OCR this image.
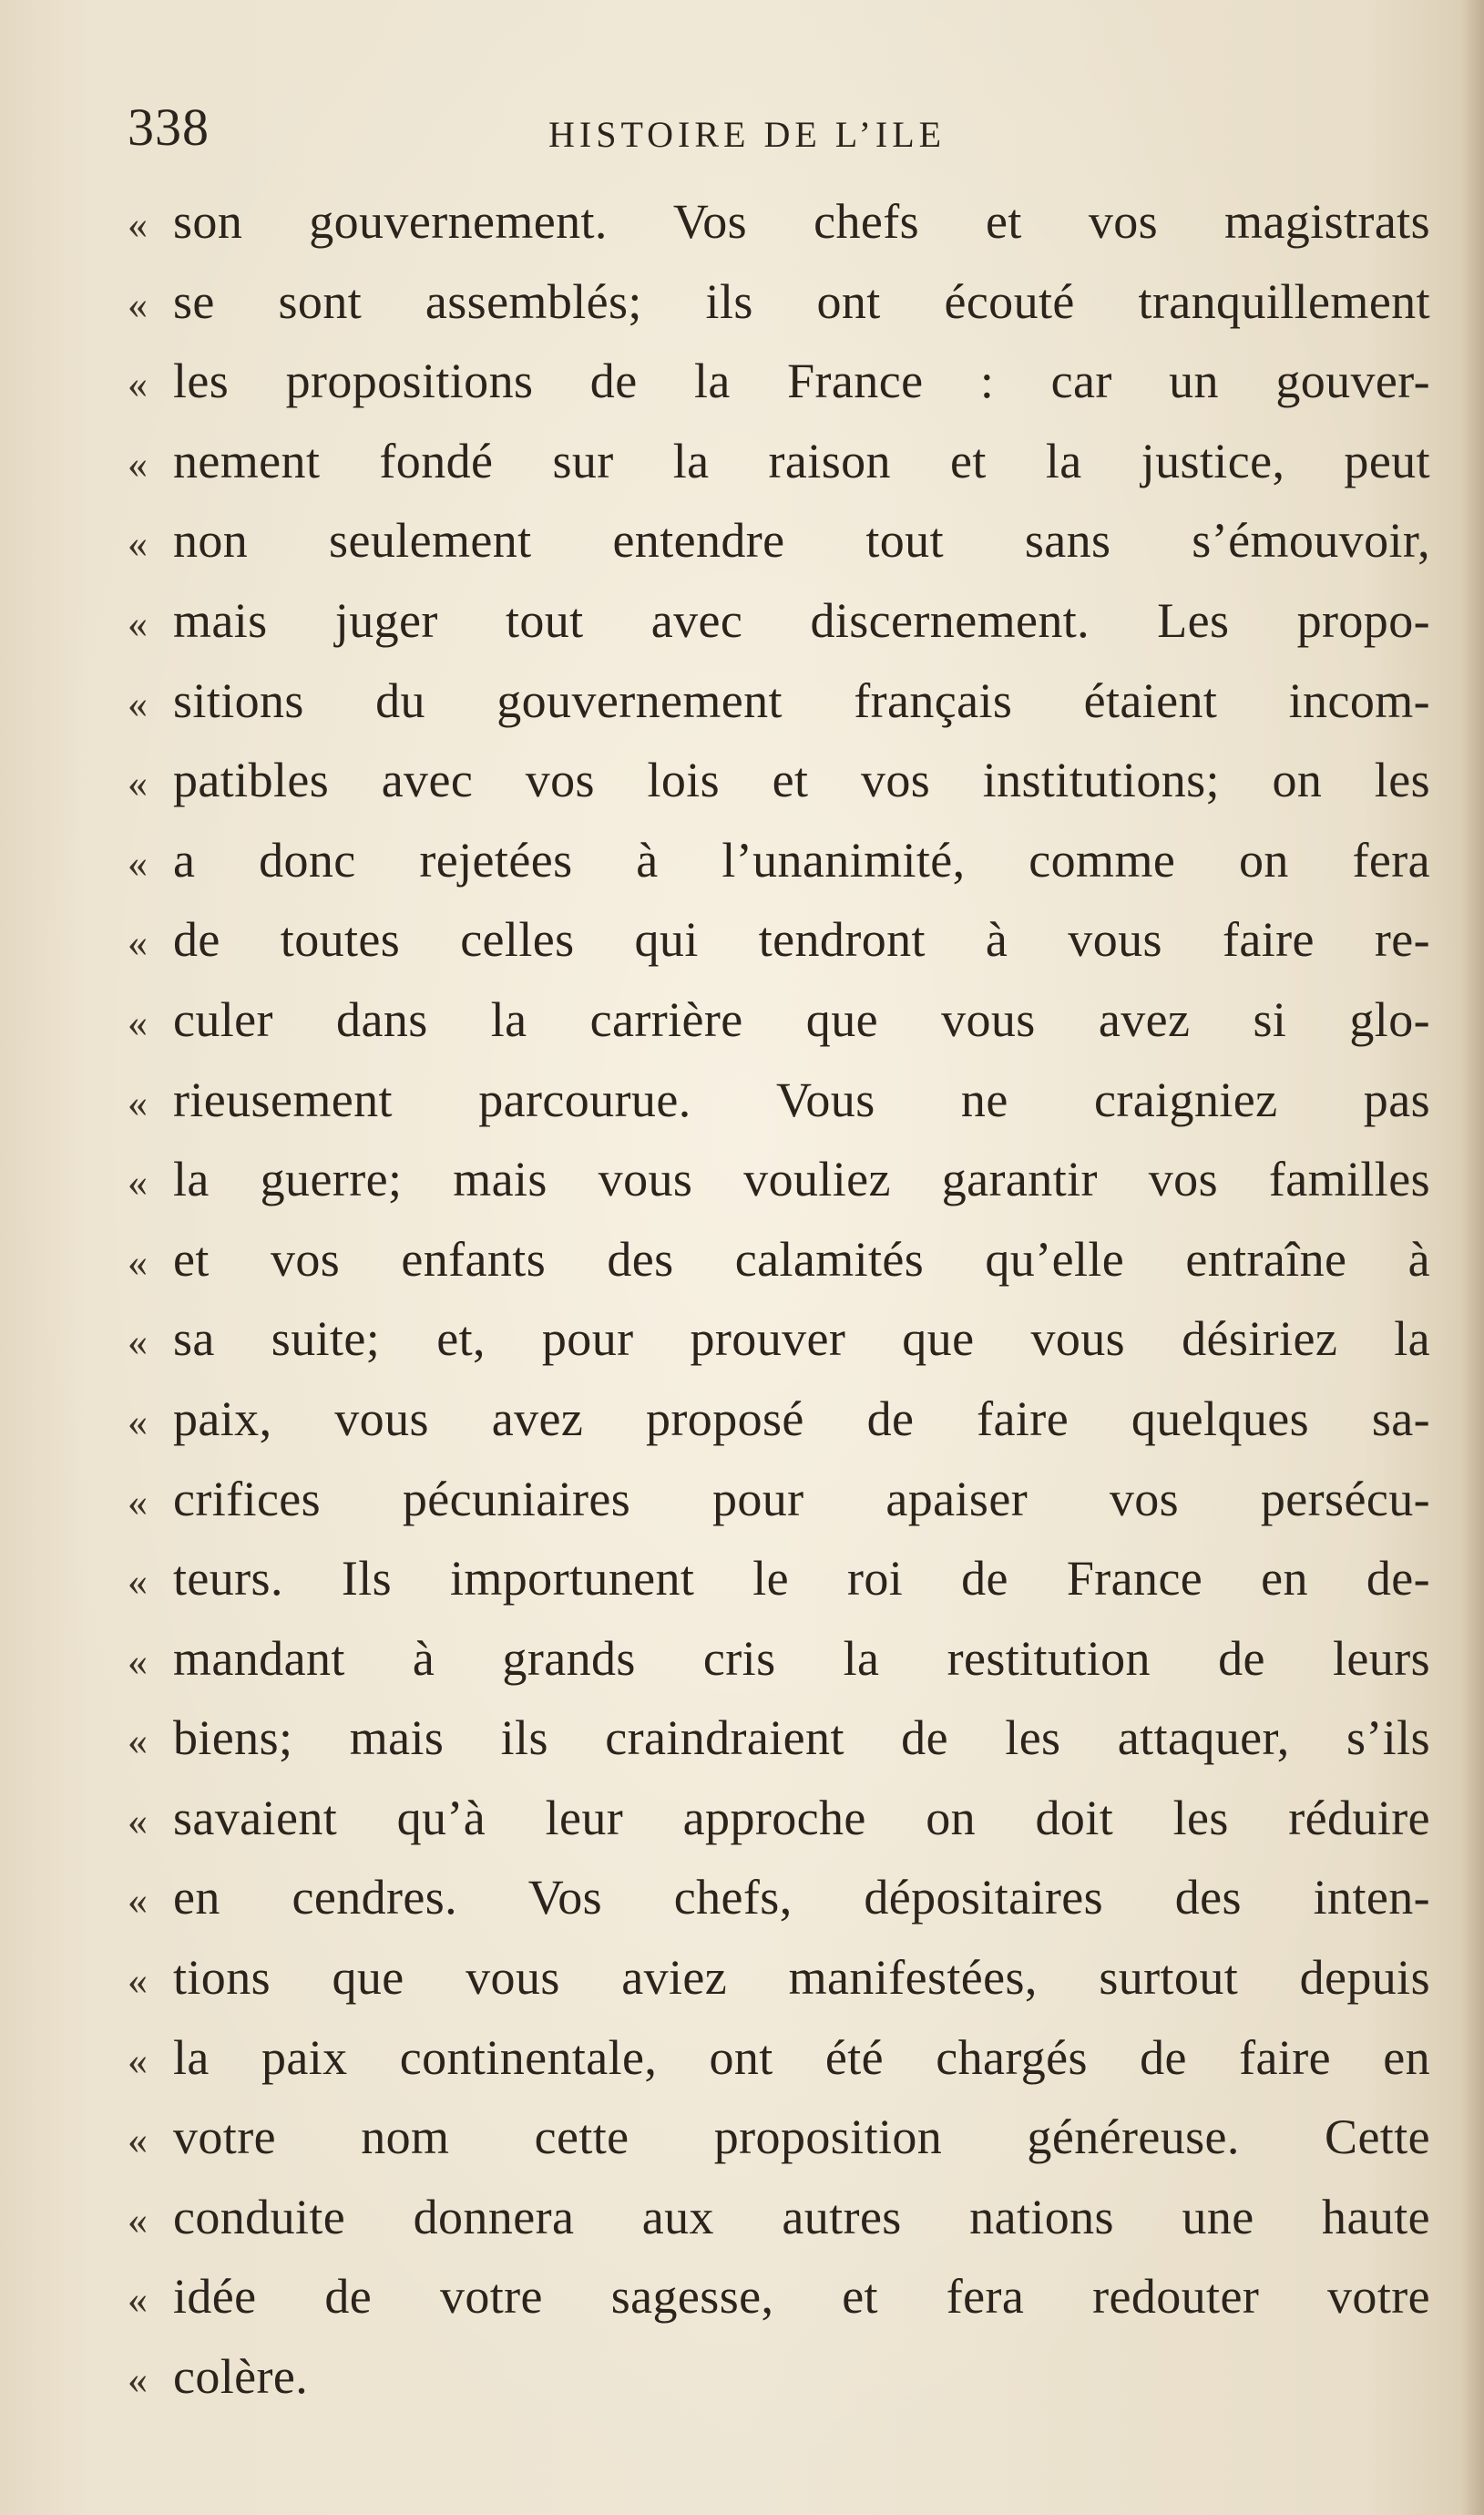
338	HISTOIRE DE L’ILE
« son gouvernement. Vos chefs et vos magistrats
« se sont assemblés; ils ont écouté tranquillement
« les propositions de la France : car un gouver-
« nement fondé sur la raison et la justice, peut
« non seulement entendre tout sans s’émouvoir,
« mais juger tout avec discernement. Les propo-
« sitions du gouvernement français étaient incom-
« patibles avec vos lois et vos institutions; on les
« a donc rejetées à l’unanimité, comme on fera
« de toutes celles qui tendront à vous faire re-
« culer dans la carrière que vous avez si glo-
« rieusement parcourue. Vous ne craigniez pas
« la guerre; mais vous vouliez garantir vos familles
« et vos enfants des calamités qu’elle entraîne à
« sa suite; et, pour prouver que vous désiriez la
« paix, vous avez proposé de faire quelques sa-
« crifices pécuniaires pour apaiser vos persécu-
« teurs. Ils importunent le roi de France en de-
« mandant à grands cris la restitution de leurs
« biens; mais ils craindraient de les attaquer, s’ils
« savaient qu’à leur approche on doit les réduire
« en cendres. Vos chefs, dépositaires des inten-
« tions que vous aviez manifestées, surtout depuis
« la paix continentale, ont été chargés de faire en
« votre nom cette proposition généreuse. Cette
« conduite donnera aux autres nations une haute
« idée de votre sagesse, et fera redouter votre
« colère.
